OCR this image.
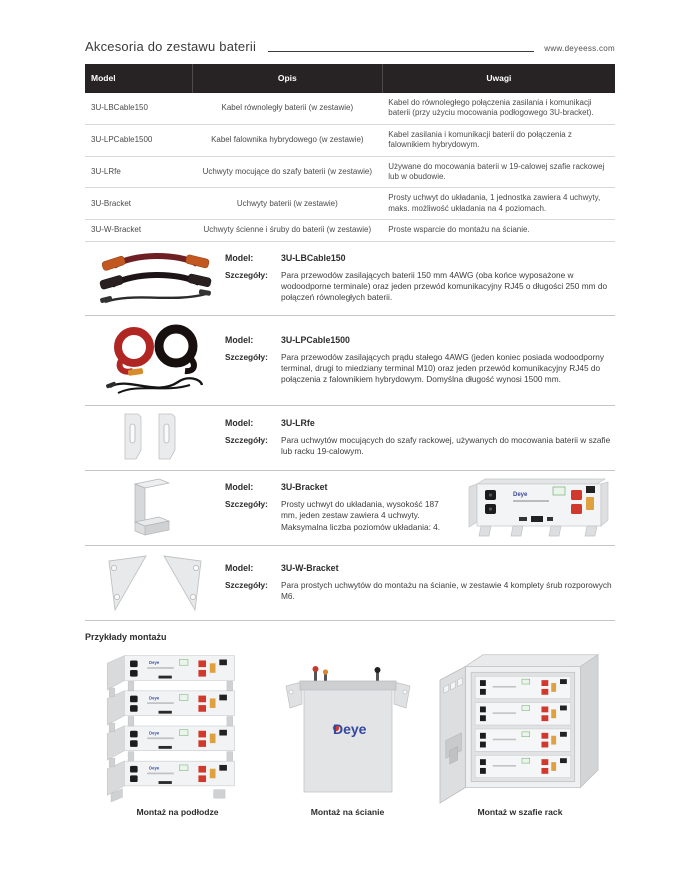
Akcesoria do zestawu baterii	www.deyeess.com
Model	Opis	Uwagi
3U-LBCable150	Kabel równoległy baterii (w zestawie)	Kabel do równoległego połączenia zasilania i komunikacji baterii (przy użyciu mocowania podłogowego 3U-bracket).
3U-LPCable1500	Kabel falownika hybrydowego (w zestawie)	Kabel zasilania i komunikacji baterii do połączenia z falownikiem hybrydowym.
3U-LRfe	Uchwyty mocujące do szafy baterii (w zestawie)	Używane do mocowania baterii w 19-calowej szafie rackowej lub w obudowie.
3U-Bracket	Uchwyty baterii (w zestawie)	Prosty uchwyt do układania, 1 jednostka zawiera 4 uchwyty, maks. możliwość układania na 4 poziomach.
3U-W-Bracket	Uchwyty ścienne i śruby do baterii (w zestawie)	Proste wsparcie do montażu na ścianie.
Model:	3U-LBCable150
Szczegóły:	Para przewodów zasilających baterii 150 mm 4AWG (oba końce wyposażone w wodoodporne terminale) oraz jeden przewód komunikacyjny RJ45 o długości 250 mm do połączeń równoległych baterii.
Model:	3U-LPCable1500
Szczegóły:	Para przewodów zasilających prądu stałego 4AWG (jeden koniec posiada wodoodporny terminal, drugi to miedziany terminal M10) oraz jeden przewód komunikacyjny RJ45 do połączenia z falownikiem hybrydowym. Domyślna długość wynosi 1500 mm.
Model:	3U-LRfe
Szczegóły:	Para uchwytów mocujących do szafy rackowej, używanych do mocowania baterii w szafie lub racku 19-calowym.
Model:	3U-Bracket
Szczegóły:	Prosty uchwyt do układania, wysokość 187 mm, jeden zestaw zawiera 4 uchwyty. Maksymalna liczba poziomów układania: 4.
Deye
Model:	3U-W-Bracket
Szczegóły:	Para prostych uchwytów do montażu na ścianie, w zestawie 4 komplety śrub rozporowych M6.
Przykłady montażu
Montaż na podłodze
Deye
Montaż na ścianie	Montaż w szafie rack
